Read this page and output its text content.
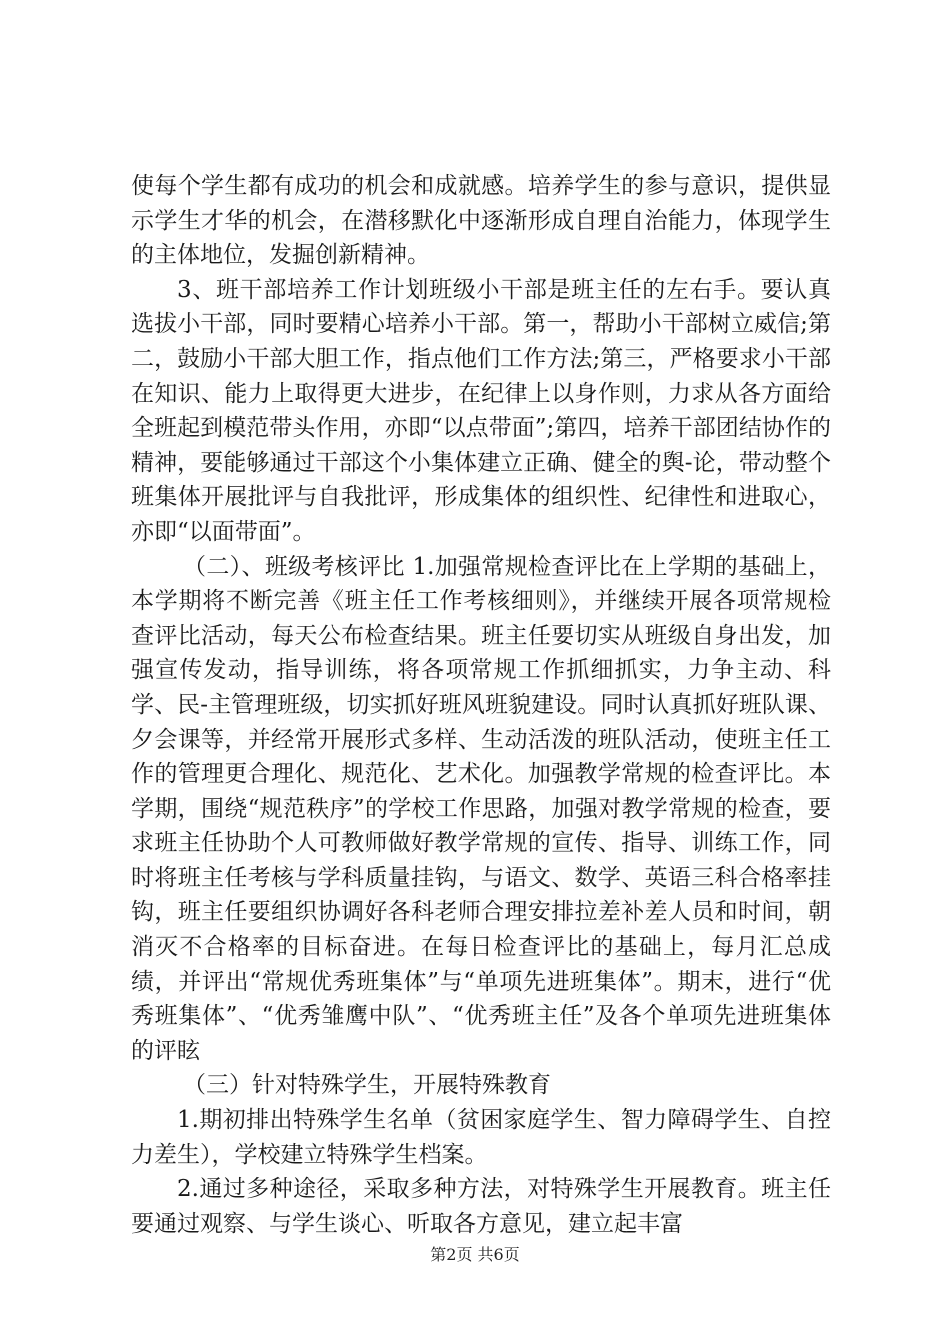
使每个学生都有成功的机会和成就感。培养学生的参与意识，提供显示学生才华的机会，在潜移默化中逐渐形成自理自治能力，体现学生的主体地位，发掘创新精神。

3、班干部培养工作计划班级小干部是班主任的左右手。要认真选拔小干部，同时要精心培养小干部。第一，帮助小干部树立威信;第二，鼓励小干部大胆工作，指点他们工作方法;第三，严格要求小干部在知识、能力上取得更大进步，在纪律上以身作则，力求从各方面给全班起到模范带头作用，亦即“以点带面”;第四，培养干部团结协作的精神，要能够通过干部这个小集体建立正确、健全的舆-论，带动整个班集体开展批评与自我批评，形成集体的组织性、纪律性和进取心，亦即“以面带面”。

（二）、班级考核评比 1.加强常规检查评比在上学期的基础上，本学期将不断完善《班主任工作考核细则》，并继续开展各项常规检查评比活动，每天公布检查结果。班主任要切实从班级自身出发，加强宣传发动，指导训练，将各项常规工作抓细抓实，力争主动、科学、民-主管理班级，切实抓好班风班貌建设。同时认真抓好班队课、夕会课等，并经常开展形式多样、生动活泼的班队活动，使班主任工作的管理更合理化、规范化、艺术化。加强教学常规的检查评比。本学期，围绕“规范秩序”的学校工作思路，加强对教学常规的检查，要求班主任协助个人可教师做好教学常规的宣传、指导、训练工作，同时将班主任考核与学科质量挂钩，与语文、数学、英语三科合格率挂钩，班主任要组织协调好各科老师合理安排拉差补差人员和时间，朝消灭不合格率的目标奋进。在每日检查评比的基础上，每月汇总成绩，并评出“常规优秀班集体”与“单项先进班集体”。期末，进行“优秀班集体”、“优秀雏鹰中队”、“优秀班主任”及各个单项先进班集体的评眩

（三）针对特殊学生，开展特殊教育

1.期初排出特殊学生名单（贫困家庭学生、智力障碍学生、自控力差生），学校建立特殊学生档案。

2.通过多种途径，采取多种方法，对特殊学生开展教育。班主任要通过观察、与学生谈心、听取各方意见，建立起丰富

第2页 共6页
